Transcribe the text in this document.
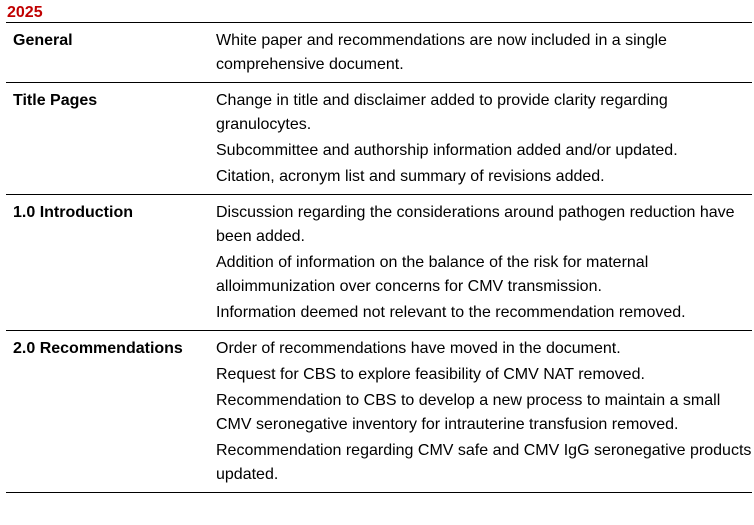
2025
General	White paper and recommendations are now included in a single comprehensive document.

Title Pages	Change in title and disclaimer added to provide clarity regarding granulocytes.
Subcommittee and authorship information added and/or updated.
Citation, acronym list and summary of revisions added.

1.0 Introduction	Discussion regarding the considerations around pathogen reduction have been added.
Addition of information on the balance of the risk for maternal alloimmunization over concerns for CMV transmission.
Information deemed not relevant to the recommendation removed.

2.0 Recommendations	Order of recommendations have moved in the document.
Request for CBS to explore feasibility of CMV NAT removed.
Recommendation to CBS to develop a new process to maintain a small CMV seronegative inventory for intrauterine transfusion removed.
Recommendation regarding CMV safe and CMV IgG seronegative products updated.
